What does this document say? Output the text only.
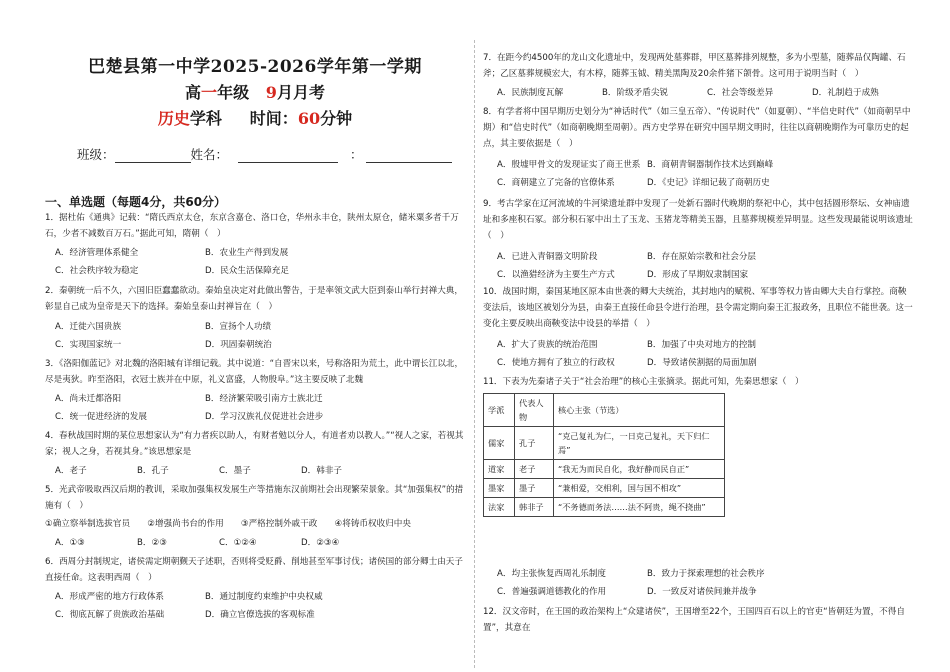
巴楚县第一中学2025-2026学年第一学期
高一年级 9月月考
历史学科 时间：60分钟
班级：	姓名：	：
一、单选题（每题4分，共60分）
1．据杜佑《通典》记载：“隋氏西京太仓，东京含嘉仓、洛口仓，华州永丰仓，陕州太原仓，储米粟多者千万石，少者不减数百万石。”据此可知，隋朝（　）
A．经济管理体系健全	B．农业生产得到发展
C．社会秩序较为稳定	D．民众生活保障充足
2．秦朝统一后不久，六国旧臣蠢蠢欲动。秦始皇决定对此做出警告，于是率领文武大臣到泰山举行封禅大典，彰显自己成为皇帝是天下的选择。秦始皇泰山封禅旨在（　）
A．迁徙六国贵族	B．宣扬个人功绩
C．实现国家统一	D．巩固秦朝统治
3．《洛阳伽蓝记》对北魏的洛阳城有详细记载。其中说道：“自晋宋以来，号称洛阳为荒土，此中谓长江以北，尽是夷狄。昨至洛阳，衣冠士族并在中原，礼义富盛，人物殷阜。”这主要反映了北魏
A．尚未迁都洛阳	B．经济繁荣吸引南方士族北迁
C．统一促进经济的发展	D．学习汉族礼仪促进社会进步
4．春秋战国时期的某位思想家认为“有力者疾以助人，有财者勉以分人，有道者劝以教人。”“视人之家，若视其家；视人之身，若视其身。”该思想家是
A．老子	B．孔子	C．墨子	D．韩非子
5．光武帝吸取西汉后期的教训，采取加强集权发展生产等措施东汉前期社会出现繁荣景象。其“加强集权”的措施有（　）
①确立察举制选拔官员　　②增强尚书台的作用　　③严格控制外戚干政　　④将铸币权收归中央
A．①③	B．②③	C．①②④	D．②③④
6．西周分封制规定，诸侯需定期朝觐天子述职，否则将受贬爵、削地甚至军事讨伐；诸侯国的部分卿士由天子直接任命。这表明西周（　）
A．形成严密的地方行政体系	B．通过制度约束维护中央权威
C．彻底瓦解了贵族政治基础	D．确立官僚选拔的客观标准
7．在距今约4500年的龙山文化遗址中，发现两处墓葬群，甲区墓葬排列规整，多为小型墓，随葬品仅陶罐、石斧；乙区墓葬规模宏大，有木椁，随葬玉钺、精美黑陶及20余件猪下颌骨。这可用于说明当时（　）
A．民族制度瓦解	B．阶级矛盾尖锐	C．社会等级差异	D．礼制趋于成熟
8．有学者将中国早期历史划分为“神话时代”（如三皇五帝）、“传说时代”（如夏朝）、“半信史时代”（如商朝早中期）和“信史时代”（如商朝晚期至周朝）。西方史学界在研究中国早期文明时，往往以商朝晚期作为可靠历史的起点，其主要依据是（　）
A．殷墟甲骨文的发现证实了商王世系 B．商朝青铜器制作技术达到巅峰
C．商朝建立了完备的官僚体系	D．《史记》详细记载了商朝历史
9．考古学家在辽河流域的牛河梁遗址群中发现了一处新石器时代晚期的祭祀中心，其中包括圆形祭坛、女神庙遗址和多座积石冢。部分积石冢中出土了玉龙、玉猪龙等精美玉器，且墓葬规模差异明显。这些发现最能说明该遗址（　）
A．已进入青铜器文明阶段	B．存在原始宗教和社会分层
C．以渔猎经济为主要生产方式	D．形成了早期奴隶制国家
10．战国时期，秦国某地区原本由世袭的卿大夫统治，其封地内的赋税、军事等权力皆由卿大夫自行掌控。商鞅变法后，该地区被划分为县，由秦王直接任命县令进行治理，县令需定期向秦王汇报政务，且职位不能世袭。这一变化主要反映出商鞅变法中设县的举措（　）
A．扩大了贵族的统治范围	B．加强了中央对地方的控制
C．使地方拥有了独立的行政权	D．导致诸侯割据的局面加剧
11．下表为先秦诸子关于“社会治理”的核心主张摘录。据此可知，先秦思想家（　）
学派	代表人物	核心主张（节选）
儒家	孔子	“克己复礼为仁，一日克己复礼，天下归仁焉”
道家	老子	“我无为而民自化，我好静而民自正”
墨家	墨子	“兼相爱，交相利，国与国不相攻”
法家	韩非子	“不务德而务法……法不阿贵，绳不挠曲”
A．均主张恢复西周礼乐制度	B．致力于探索理想的社会秩序
C．普遍强调道德教化的作用	D．一致反对诸侯间兼并战争
12．汉文帝时，在王国的政治架构上“众建诸侯”，王国增至22个，王国四百石以上的官吏“皆朝廷为置，不得自置”，其意在
